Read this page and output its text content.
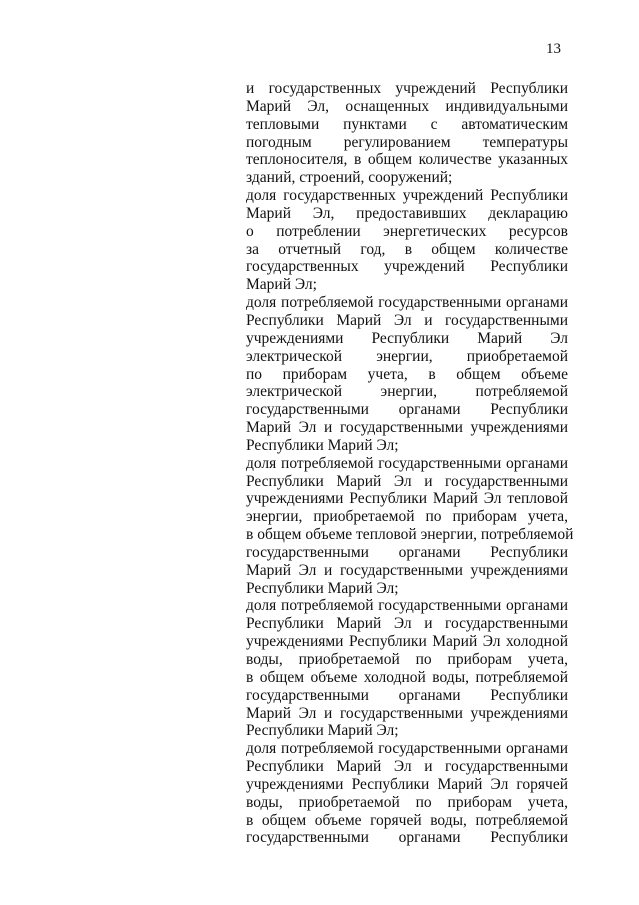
13
и государственных учреждений Республики
Марий Эл, оснащенных индивидуальными
тепловыми пунктами с автоматическим
погодным регулированием температуры
теплоносителя, в общем количестве указанных
зданий, строений, сооружений;
доля государственных учреждений Республики
Марий Эл, предоставивших декларацию
о потреблении энергетических ресурсов
за отчетный год, в общем количестве
государственных учреждений Республики
Марий Эл;
доля потребляемой государственными органами
Республики Марий Эл и государственными
учреждениями Республики Марий Эл
электрической энергии, приобретаемой
по приборам учета, в общем объеме
электрической энергии, потребляемой
государственными органами Республики
Марий Эл и государственными учреждениями
Республики Марий Эл;
доля потребляемой государственными органами
Республики Марий Эл и государственными
учреждениями Республики Марий Эл тепловой
энергии, приобретаемой по приборам учета,
в общем объеме тепловой энергии, потребляемой
государственными органами Республики
Марий Эл и государственными учреждениями
Республики Марий Эл;
доля потребляемой государственными органами
Республики Марий Эл и государственными
учреждениями Республики Марий Эл холодной
воды, приобретаемой по приборам учета,
в общем объеме холодной воды, потребляемой
государственными органами Республики
Марий Эл и государственными учреждениями
Республики Марий Эл;
доля потребляемой государственными органами
Республики Марий Эл и государственными
учреждениями Республики Марий Эл горячей
воды, приобретаемой по приборам учета,
в общем объеме горячей воды, потребляемой
государственными органами Республики
